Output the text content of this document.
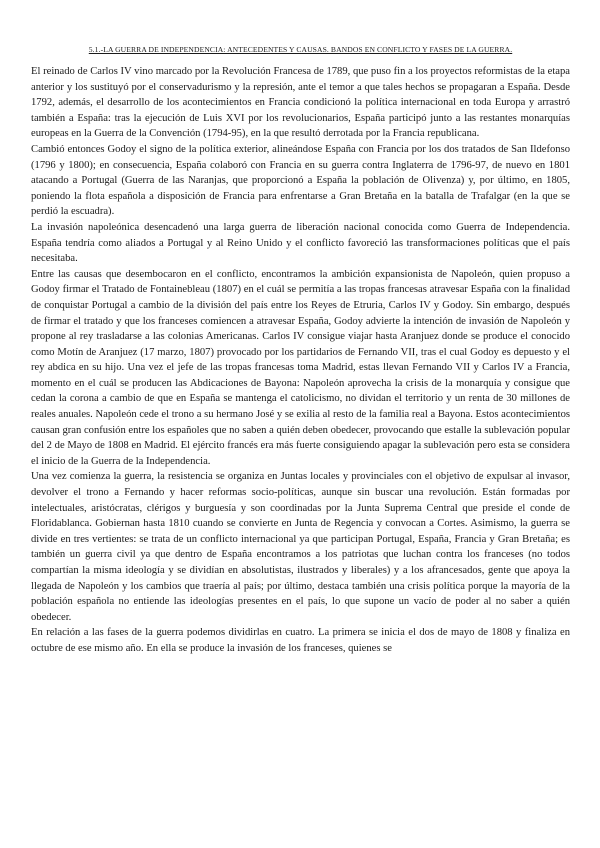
5.1.-LA GUERRA DE INDEPENDENCIA: ANTECEDENTES Y CAUSAS. BANDOS EN CONFLICTO Y FASES DE LA GUERRA.

El reinado de Carlos IV vino marcado por la Revolución Francesa de 1789, que puso fin a los proyectos reformistas de la etapa anterior y los sustituyó por el conservadurismo y la represión, ante el temor a que tales hechos se propagaran a España. Desde 1792, además, el desarrollo de los acontecimientos en Francia condicionó la política internacional en toda Europa y arrastró también a España: tras la ejecución de Luis XVI por los revolucionarios, España participó junto a las restantes monarquías europeas en la Guerra de la Convención (1794-95), en la que resultó derrotada por la Francia republicana.

Cambió entonces Godoy el signo de la política exterior, alineándose España con Francia por los dos tratados de San Ildefonso (1796 y 1800); en consecuencia, España colaboró con Francia en su guerra contra Inglaterra de 1796-97, de nuevo en 1801 atacando a Portugal (Guerra de las Naranjas, que proporcionó a España la población de Olivenza) y, por último, en 1805, poniendo la flota española a disposición de Francia para enfrentarse a Gran Bretaña en la batalla de Trafalgar (en la que se perdió la escuadra).

La invasión napoleónica desencadenó una larga guerra de liberación nacional conocida como Guerra de Independencia. España tendría como aliados a Portugal y al Reino Unido y el conflicto favoreció las transformaciones políticas que el país necesitaba.

Entre las causas que desembocaron en el conflicto, encontramos la ambición expansionista de Napoleón, quien propuso a Godoy firmar el Tratado de Fontainebleau (1807) en el cuál se permitía a las tropas francesas atravesar España con la finalidad de conquistar Portugal a cambio de la división del país entre los Reyes de Etruria, Carlos IV y Godoy. Sin embargo, después de firmar el tratado y que los franceses comiencen a atravesar España, Godoy advierte la intención de invasión de Napoleón y propone al rey trasladarse a las colonias Americanas. Carlos IV consigue viajar hasta Aranjuez donde se produce el conocido como Motín de Aranjuez (17 marzo, 1807) provocado por los partidarios de Fernando VII, tras el cual Godoy es depuesto y el rey abdica en su hijo. Una vez el jefe de las tropas francesas toma Madrid, estas llevan Fernando VII y Carlos IV a Francia, momento en el cuál se producen las Abdicaciones de Bayona: Napoleón aprovecha la crisis de la monarquía y consigue que cedan la corona a cambio de que en España se mantenga el catolicismo, no dividan el territorio y un renta de 30 millones de reales anuales. Napoleón cede el trono a su hermano José y se exilia al resto de la familia real a Bayona. Estos acontecimientos causan gran confusión entre los españoles que no saben a quién deben obedecer, provocando que estalle la sublevación popular del 2 de Mayo de 1808 en Madrid. El ejército francés era más fuerte consiguiendo apagar la sublevación pero esta se considera el inicio de la Guerra de la Independencia.

Una vez comienza la guerra, la resistencia se organiza en Juntas locales y provinciales con el objetivo de expulsar al invasor, devolver el trono a Fernando y hacer reformas socio-políticas, aunque sin buscar una revolución. Están formadas por intelectuales, aristócratas, clérigos y burguesía y son coordinadas por la Junta Suprema Central que preside el conde de Floridablanca. Gobiernan hasta 1810 cuando se convierte en Junta de Regencia y convocan a Cortes. Asimismo, la guerra se divide en tres vertientes: se trata de un conflicto internacional ya que participan Portugal, España, Francia y Gran Bretaña; es también un guerra civil ya que dentro de España encontramos a los patriotas que luchan contra los franceses (no todos compartían la misma ideología y se dividían en absolutistas, ilustrados y liberales) y a los afrancesados, gente que apoya la llegada de Napoleón y los cambios que traería al país; por último, destaca también una crisis política porque la mayoría de la población española no entiende las ideologías presentes en el país, lo que supone un vacío de poder al no saber a quién obedecer.

En relación a las fases de la guerra podemos dividirlas en cuatro. La primera se inicia el dos de mayo de 1808 y finaliza en octubre de ese mismo año. En ella se produce la invasión de los franceses, quienes se
